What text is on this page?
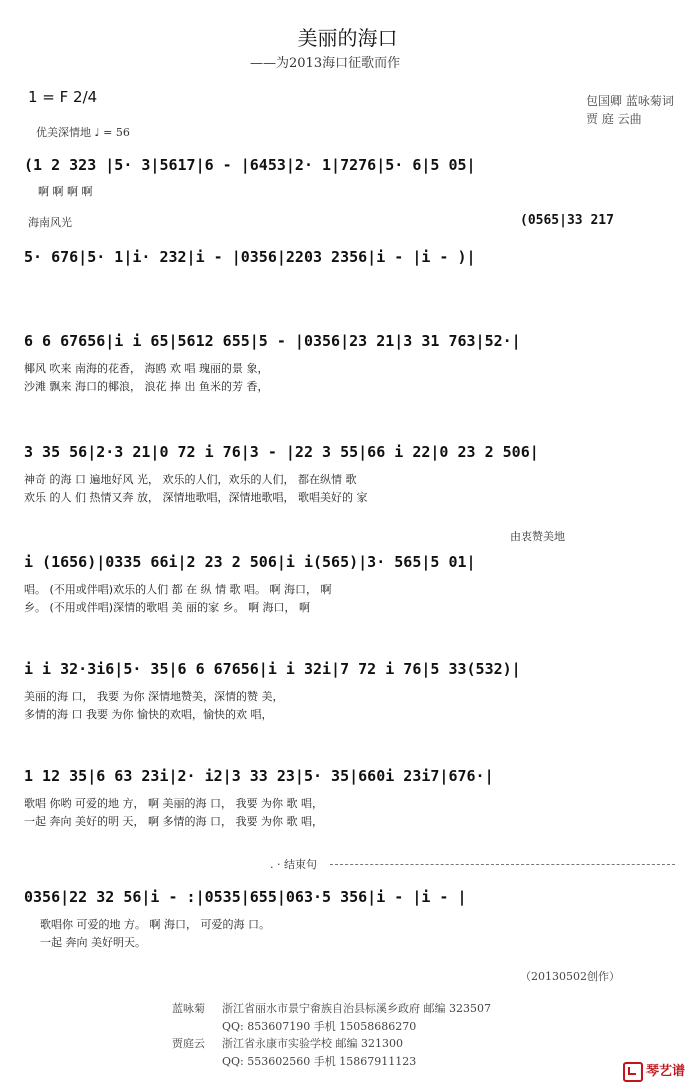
美丽的海口
——为2013海口征歌而作
1 = F 2/4	包国卿 蓝咏菊词
贾 庭 云曲
优美深情地 ♩ = 56
(1 2 323 |5· 3|5617|6 - |6453|2· 1|7276|5· 6|5 05|
啊 啊 啊 啊
海南风光	(0565|33 217
5· 676|5· 1|i· 232|i - |0356|2203 2356|i - |i - )|
6 6 67656|i i 65|5612 655|5 - |0356|23 21|3 31 763|52·|
椰风 吹来 南海的花香， 海鸥 欢 唱 瑰丽的景 象，
沙滩 飘来 海口的椰浪， 浪花 捧 出 鱼米的芳 香，
3 35 56|2·3 21|0 72 i 76|3 - |22 3 55|66 i 22|0 23 2 506|
神奇 的海 口 遍地好风 光， 欢乐的人们，欢乐的人们， 都在纵情 歌
欢乐 的人 们 热情又奔 放， 深情地歌唱，深情地歌唱， 歌唱美好的 家
由衷赞美地
i (1656)|0335 66i|2 23 2 506|i i(565)|3· 565|5 01|
唱。 (不用或伴唱)欢乐的人们 都 在 纵 情 歌 唱。 啊 海口， 啊
乡。 (不用或伴唱)深情的歌唱 美 丽的家 乡。 啊 海口， 啊
i i 32·3i6|5· 35|6 6 67656|i i 32i|7 72 i 76|5 33(532)|
美丽的海 口， 我要 为你 深情地赞美，深情的赞 美，
多情的海 口 我要 为你 愉快的欢唱，愉快的欢 唱，
1 12 35|6 63 23i|2· i2|3 33 23|5· 35|660i 23i7|676·|
歌唱 你哟 可爱的地 方， 啊 美丽的海 口， 我要 为你 歌 唱，
一起 奔向 美好的明 天， 啊 多情的海 口， 我要 为你 歌 唱，
. · 结束句
0356|22 32 56|i - :|0535|655|063·5 356|i - |i - |
歌唱你 可爱的地 方。 啊 海口， 可爱的海 口。
一起 奔向 美好明天。
（20130502创作）
蓝咏菊 浙江省丽水市景宁畲族自治县标溪乡政府 邮编 323507
QQ: 853607190 手机 15058686270
贾庭云 浙江省永康市实验学校 邮编 321300
QQ: 553602560 手机 15867911123
琴艺谱
